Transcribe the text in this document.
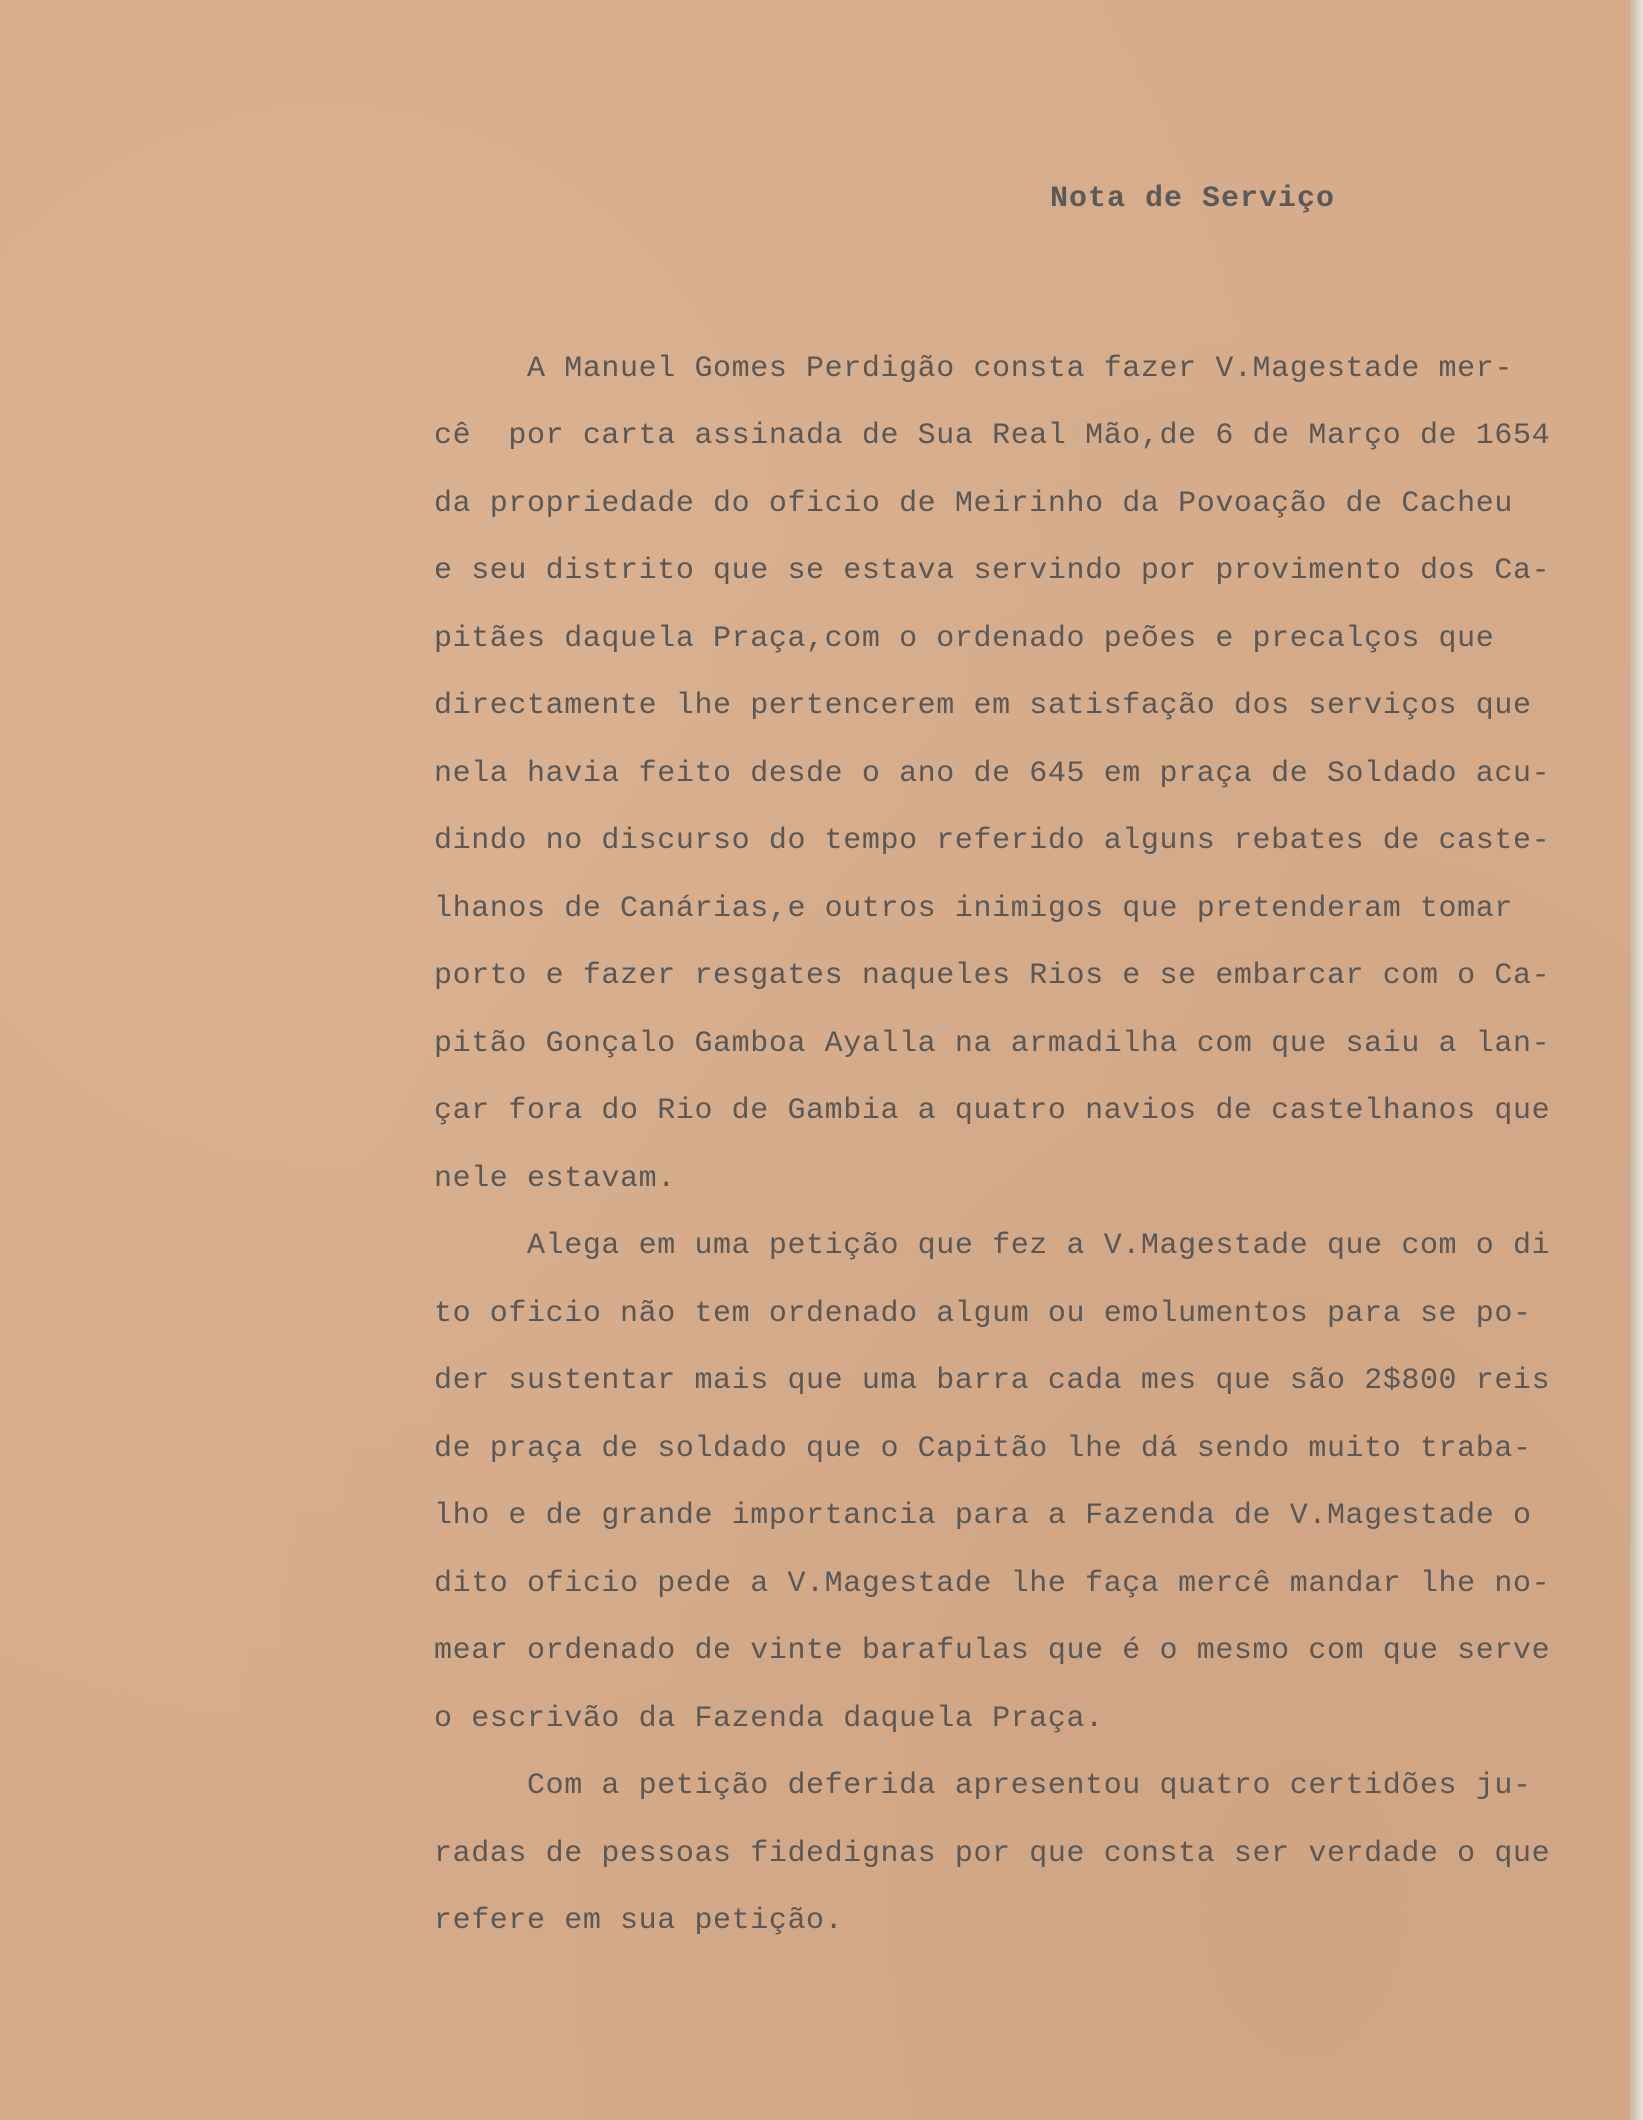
Nota de Serviço
A Manuel Gomes Perdigão consta fazer V.Magestade mer-
cê  por carta assinada de Sua Real Mão,de 6 de Março de 1654
da propriedade do oficio de Meirinho da Povoação de Cacheu
e seu distrito que se estava servindo por provimento dos Ca-
pitães daquela Praça,com o ordenado peões e precalços que
directamente lhe pertencerem em satisfação dos serviços que
nela havia feito desde o ano de 645 em praça de Soldado acu-
dindo no discurso do tempo referido alguns rebates de caste-
lhanos de Canárias,e outros inimigos que pretenderam tomar
porto e fazer resgates naqueles Rios e se embarcar com o Ca-
pitão Gonçalo Gamboa Ayalla na armadilha com que saiu a lan-
çar fora do Rio de Gambia a quatro navios de castelhanos que
nele estavam.
Alega em uma petição que fez a V.Magestade que com o di
to oficio não tem ordenado algum ou emolumentos para se po-
der sustentar mais que uma barra cada mes que são 2$800 reis
de praça de soldado que o Capitão lhe dá sendo muito traba-
lho e de grande importancia para a Fazenda de V.Magestade o
dito oficio pede a V.Magestade lhe faça mercê mandar lhe no-
mear ordenado de vinte barafulas que é o mesmo com que serve
o escrivão da Fazenda daquela Praça.
Com a petição deferida apresentou quatro certidões ju-
radas de pessoas fidedignas por que consta ser verdade o que
refere em sua petição.
